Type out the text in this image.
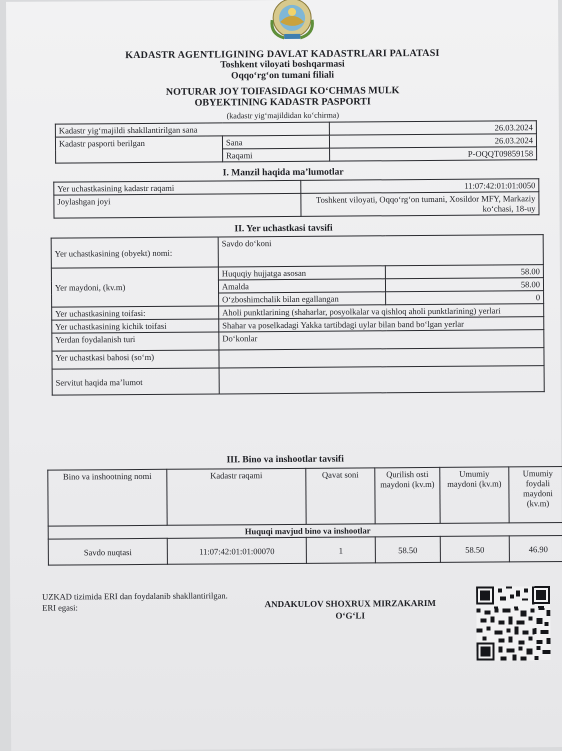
KADASTR AGENTLIGINING DAVLAT KADASTRLARI PALATASI
Toshkent viloyati boshqarmasi
Oqqo‘rg‘on tumani filiali
NOTURAR JOY TOIFASIDAGI KO‘CHMAS MULK
OBYEKTINING KADASTR PASPORTI
(kadastr yig‘majildidan ko‘chirma)
Kadastr yig‘majildi shakllantirilgan sana		26.03.2024
Kadastr pasporti berilgan	Sana	26.03.2024
	Raqami	P-OQQT09859158
I. Manzil haqida ma’lumotlar
Yer uchastkasining kadastr raqami	11:07:42:01:01:0050
Joylashgan joyi	Toshkent viloyati, Oqqo‘rg‘on tumani, Xosildor MFY, Markaziy ko‘chasi, 18-uy
II. Yer uchastkasi tavsifi
Yer uchastkasining (obyekt) nomi:	Savdo do‘koni	
Yer maydoni, (kv.m)	Huquqiy hujjatga asosan	58.00
	Amalda	58.00
	O‘zboshimchalik bilan egallangan	0
Yer uchastkasining toifasi:	Aholi punktlarining (shaharlar, posyolkalar va qishloq aholi punktlarining) yerlari	
Yer uchastkasining kichik toifasi	Shahar va poselkadagi Yakka tartibdagi uylar bilan band bo‘lgan yerlar	
Yerdan foydalanish turi	Do‘konlar	
Yer uchastkasi bahosi (so‘m)		
Servitut haqida ma’lumot		
III. Bino va inshootlar tavsifi
Bino va inshootning nomi	Kadastr raqami	Qavat soni	Qurilish osti maydoni (kv.m)	Umumiy maydoni (kv.m)	Umumiy foydali maydoni (kv.m)
Huquqi mavjud bino va inshootlar					
Savdo nuqtasi	11:07:42:01:01:00070	1	58.50	58.50	46.90
UZKAD tizimida ERI dan foydalanib shakllantirilgan.
ERI egasi:	ANDAKULOV SHOXRUX MIRZAKARIM
O‘G‘LI
